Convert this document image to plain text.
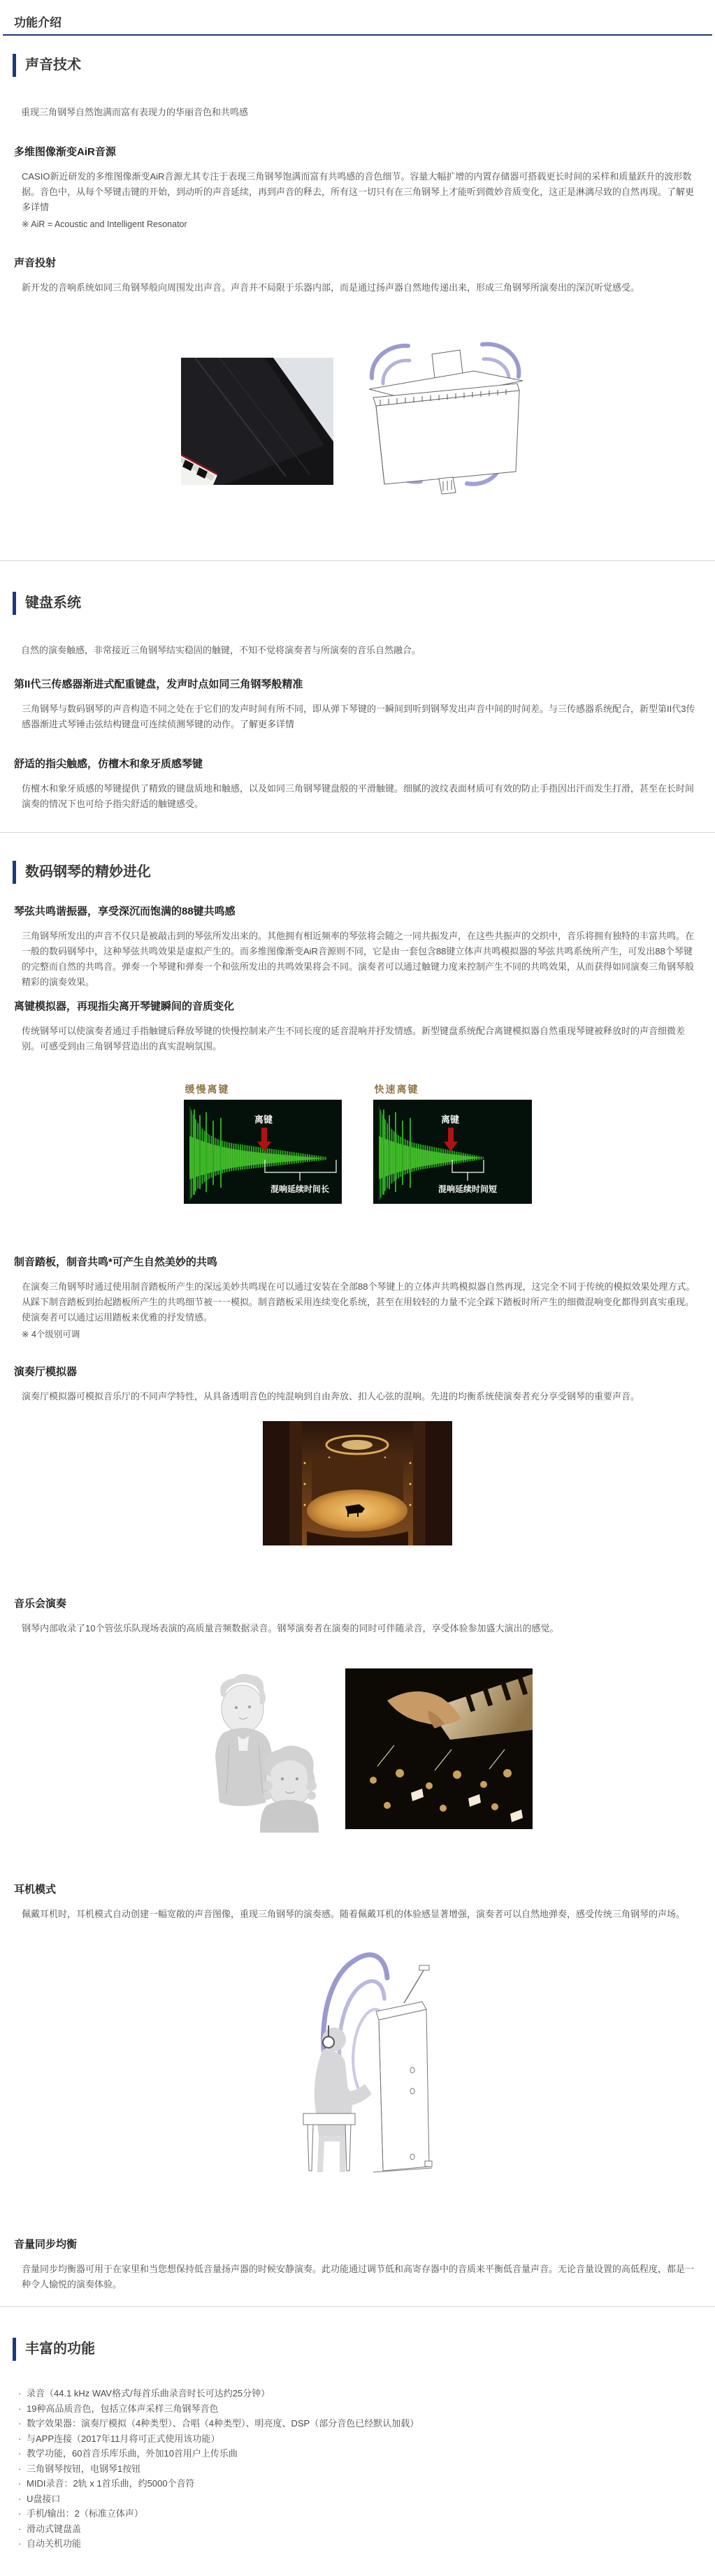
功能介绍
声音技术

重现三角钢琴自然饱满而富有表现力的华丽音色和共鸣感

多维图像渐变AiR音源

CASIO新近研发的多维图像渐变AiR音源尤其专注于表现三角钢琴饱满而富有共鸣感的音色细节。容量大幅扩增的内置存储器可搭载更长时间的采样和质量跃升的波形数据。音色中，从每个琴键击键的开始，到动听的声音延续，再到声音的释去，所有这一切只有在三角钢琴上才能听到微妙音质变化，这正是淋漓尽致的自然再现。了解更多详情

※ AiR = Acoustic and Intelligent Resonator

声音投射

新开发的音响系统如同三角钢琴般向周围发出声音。声音并不局限于乐器内部，而是通过扬声器自然地传递出来，形成三角钢琴所演奏出的深沉听觉感受。

键盘系统

自然的演奏触感，非常接近三角钢琴结实稳固的触键，不知不觉将演奏者与所演奏的音乐自然融合。

第II代三传感器渐进式配重键盘，发声时点如同三角钢琴般精准

三角钢琴与数码钢琴的声音构造不同之处在于它们的发声时间有所不同，即从弹下琴键的一瞬间到听到钢琴发出声音中间的时间差。与三传感器系统配合，新型第II代3传感器渐进式琴锤击弦结构键盘可连续侦测琴键的动作。了解更多详情

舒适的指尖触感，仿檀木和象牙质感琴键

仿檀木和象牙质感的琴键提供了精致的键盘质地和触感，以及如同三角钢琴键盘般的平滑触键。细腻的波纹表面材质可有效的防止手指因出汗而发生打滑，甚至在长时间演奏的情况下也可给予指尖舒适的触键感受。

数码钢琴的精妙进化
琴弦共鸣谐振器，享受深沉而饱满的88键共鸣感

三角钢琴所发出的声音不仅只是被敲击到的琴弦所发出来的。其他拥有相近频率的琴弦将会随之一同共振发声，在这些共振声的交织中，音乐将拥有独特的丰富共鸣。在一般的数码钢琴中，这种琴弦共鸣效果是虚拟产生的。而多维图像渐变AiR音源则不同，它是由一套包含88键立体声共鸣模拟器的琴弦共鸣系统所产生，可发出88个琴键的完整而自然的共鸣音。弹奏一个琴键和弹奏一个和弦所发出的共鸣效果将会不同。演奏者可以通过触键力度来控制产生不同的共鸣效果，从而获得如同演奏三角钢琴般精彩的演奏效果。

离键模拟器，再现指尖离开琴键瞬间的音质变化

传统钢琴可以使演奏者通过手指触键后释放琴键的快慢控制来产生不同长度的延音混响并抒发情感。新型键盘系统配合离键模拟器自然重现琴键被释放时的声音细微差别。可感受到由三角钢琴营造出的真实混响氛围。

缓慢离键
离键
混响延续时间长
快速离键
离键
混响延续时间短
制音踏板，制音共鸣*可产生自然美妙的共鸣

在演奏三角钢琴时通过使用制音踏板所产生的深远美妙共鸣现在可以通过安装在全部88个琴键上的立体声共鸣模拟器自然再现，这完全不同于传统的模拟效果处理方式。从踩下制音踏板到抬起踏板所产生的共鸣细节被一一模拟。制音踏板采用连续变化系统，甚至在用较轻的力量不完全踩下踏板时所产生的细微混响变化都得到真实重现。使演奏者可以通过运用踏板来优雅的抒发情感。

※ 4个级别可调

演奏厅模拟器

演奏厅模拟器可模拟音乐厅的不同声学特性，从具备透明音色的纯混响到自由奔放、扣人心弦的混响。先进的均衡系统使演奏者充分享受钢琴的重要声音。

音乐会演奏

钢琴内部收录了10个管弦乐队现场表演的高质量音频数据录音。钢琴演奏者在演奏的同时可伴随录音，享受体验参加盛大演出的感觉。

耳机模式

佩戴耳机时，耳机模式自动创建一幅宽敞的声音图像，重现三角钢琴的演奏感。随着佩戴耳机的体验感显著增强，演奏者可以自然地弹奏，感受传统三角钢琴的声场。

音量同步均衡

音量同步均衡器可用于在家里和当您想保持低音量扬声器的时候安静演奏。此功能通过调节低和高寄存器中的音质来平衡低音量声音。无论音量设置的高低程度，都是一种令人愉悦的演奏体验。

丰富的功能
· 录音（44.1 kHz WAV格式/每首乐曲录音时长可达约25分钟）
· 19种高品质音色，包括立体声采样三角钢琴音色
· 数字效果器：演奏厅模拟（4种类型）、合唱（4种类型）、明亮度、DSP（部分音色已经默认加载）
· 与APP连接（2017年11月将可正式使用该功能）
· 教学功能，60首音乐库乐曲，外加10首用户上传乐曲
· 三角钢琴按钮，电钢琴1按钮
· MIDI录音：2轨 x 1首乐曲，约5000个音符
· U盘接口
· 手机/输出：2（标准立体声）
· 滑动式键盘盖
· 自动关机功能
